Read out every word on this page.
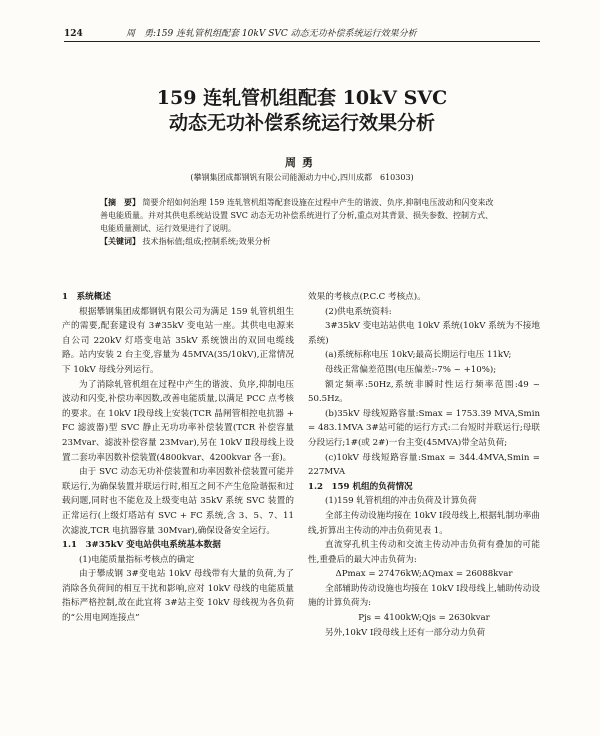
124	周　勇:159 连轧管机组配套 10kV SVC 动态无功补偿系统运行效果分析
159 连轧管机组配套 10kV SVC
动态无功补偿系统运行效果分析
周勇
(攀钢集团成都钢钒有限公司能源动力中心,四川成都　610303)

【摘　要】 简要介绍如何治理 159 连轧管机组等配套设施在过程中产生的谐波、负序,抑制电压波动和闪变来改善电能质量。并对其供电系统站设置 SVC 动态无功补偿系统进行了分析,重点对其背景、损失参数、控制方式、电能质量测试、运行效果进行了说明。

【关键词】 技术指标值;组成;控制系统;效果分析

1　系统概述

根据攀钢集团成都钢钒有限公司为满足 159 轧管机组生产的需要,配套建设有 3#35kV 变电站一座。其供电电源来自公司 220kV 灯塔变电站 35kV 系统馈出的双回电缆线路。站内安装 2 台主变,容量为 45MVA(35/10kV),正常情况下 10kV 母线分列运行。

为了消除轧管机组在过程中产生的谐波、负序,抑制电压波动和闪变,补偿功率因数,改善电能质量,以满足 PCC 点考核的要求。在 10kV Ⅰ段母线上安装(TCR 晶闸管相控电抗器 + FC 滤波器)型 SVC 静止无功功率补偿装置(TCR 补偿容量 23Mvar、滤波补偿容量 23Mvar),另在 10kV Ⅱ段母线上设置二套功率因数补偿装置(4800kvar、4200kvar 各一套)。

由于 SVC 动态无功补偿装置和功率因数补偿装置可能并联运行,为确保装置并联运行时,相互之间不产生危险谐振和过载问题,同时也不能危及上级变电站 35kV 系统 SVC 装置的正常运行(上级灯塔站有 SVC + FC 系统,含 3、5、7、11 次滤波,TCR 电抗器容量 30Mvar),确保设备安全运行。

1.1　3#35kV 变电站供电系统基本数据

(1)电能质量指标考核点的确定

由于攀成钢 3#变电站 10kV 母线带有大量的负荷,为了消除各负荷间的相互干扰和影响,应对 10kV 母线的电能质量指标严格控制,故在此宜将 3#站主变 10kV 母线视为各负荷的“公用电网连接点”

效果的考核点(P.C.C 考核点)。

(2)供电系统资料:

3#35kV 变电站站供电 10kV 系统(10kV 系统为不接地系统)

(a)系统标称电压 10kV;最高长期运行电压 11kV;

母线正常偏差范围(电压偏差:-7% ~ +10%);

额定频率:50Hz,系统非瞬时性运行频率范围:49 ~ 50.5Hz。

(b)35kV 母线短路容量:Smax = 1753.39 MVA,Smin = 483.1MVA 3#站可能的运行方式:二台短时并联运行;母联分段运行;1#(或 2#)一台主变(45MVA)带全站负荷;

(c)10kV 母线短路容量:Smax = 344.4MVA,Smin = 227MVA

1.2　159 机组的负荷情况

(1)159 轧管机组的冲击负荷及计算负荷

全部主传动设施均接在 10kV Ⅰ段母线上,根据轧制功率曲线,折算出主传动的冲击负荷见表 1。

直流穿孔机主传动和交流主传动冲击负荷有叠加的可能性,重叠后的最大冲击负荷为:

ΔPmax = 27476kW;ΔQmax = 26088kvar

全部辅助传动设施也均接在 10kV Ⅰ段母线上,辅助传动设施的计算负荷为:

Pjs = 4100kW;Qjs = 2630kvar

另外,10kV Ⅰ段母线上还有一部分动力负荷
